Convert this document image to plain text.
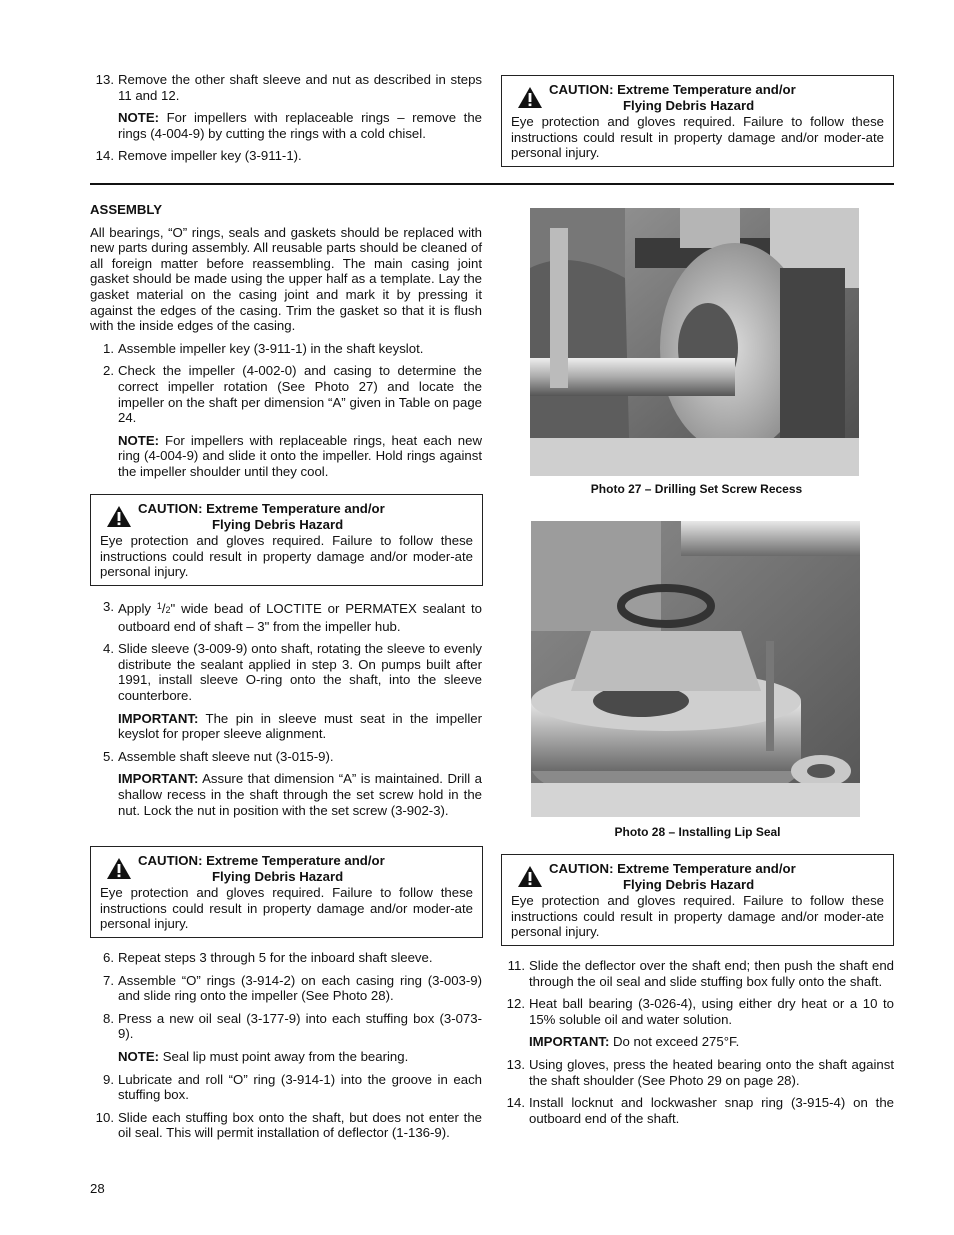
13. Remove the other shaft sleeve and nut as described in steps 11 and 12.
NOTE: For impellers with replaceable rings – remove the rings (4-004-9) by cutting the rings with a cold chisel.
14. Remove impeller key (3-911-1).
CAUTION: Extreme Temperature and/or
Flying Debris Hazard
Eye protection and gloves required. Failure to follow these instructions could result in property damage and/or moder-ate personal injury.
ASSEMBLY
All bearings, “O” rings, seals and gaskets should be replaced with new parts during assembly. All reusable parts should be cleaned of all foreign matter before reassembling. The main casing joint gasket should be made using the upper half as a template. Lay the gasket material on the casing joint and mark it by pressing it against the edges of the casing. Trim the gasket so that it is flush with the inside edges of the casing.
1. Assemble impeller key (3-911-1) in the shaft keyslot.
2. Check the impeller (4-002-0) and casing to determine the correct impeller rotation (See Photo 27) and locate the impeller on the shaft per dimension “A” given in Table on page 24.
NOTE: For impellers with replaceable rings, heat each new ring (4-004-9) and slide it onto the impeller. Hold rings against the impeller shoulder until they cool.
CAUTION: Extreme Temperature and/or
Flying Debris Hazard
Eye protection and gloves required. Failure to follow these instructions could result in property damage and/or moder-ate personal injury.
3. Apply $^1$/2" wide bead of LOCTITE or PERMATEX sealant to outboard end of shaft – 3" from the impeller hub.
4. Slide sleeve (3-009-9) onto shaft, rotating the sleeve to evenly distribute the sealant applied in step 3. On pumps built after 1991, install sleeve O-ring onto the shaft, into the sleeve counterbore.
IMPORTANT: The pin in sleeve must seat in the impeller keyslot for proper sleeve alignment.
5. Assemble shaft sleeve nut (3-015-9).
IMPORTANT: Assure that dimension “A” is maintained. Drill a shallow recess in the shaft through the set screw hold in the nut. Lock the nut in position with the set screw (3-902-3).
CAUTION: Extreme Temperature and/or
Flying Debris Hazard
Eye protection and gloves required. Failure to follow these instructions could result in property damage and/or moder-ate personal injury.
6. Repeat steps 3 through 5 for the inboard shaft sleeve.
7. Assemble “O” rings (3-914-2) on each casing ring (3-003-9) and slide ring onto the impeller (See Photo 28).
8. Press a new oil seal (3-177-9) into each stuffing box (3-073-9).
NOTE: Seal lip must point away from the bearing.
9. Lubricate and roll “O” ring (3-914-1) into the groove in each stuffing box.
10. Slide each stuffing box onto the shaft, but does not enter the oil seal. This will permit installation of deflector (1-136-9).
Photo 27 – Drilling Set Screw Recess
Photo 28 – Installing Lip Seal
CAUTION: Extreme Temperature and/or
Flying Debris Hazard
Eye protection and gloves required. Failure to follow these instructions could result in property damage and/or moder-ate personal injury.
11. Slide the deflector over the shaft end; then push the shaft end through the oil seal and slide stuffing box fully onto the shaft.
12. Heat ball bearing (3-026-4), using either dry heat or a 10 to 15% soluble oil and water solution.
IMPORTANT: Do not exceed 275°F.
13. Using gloves, press the heated bearing onto the shaft against the shaft shoulder (See Photo 29 on page 28).
14. Install locknut and lockwasher snap ring (3-915-4) on the outboard end of the shaft.
28
